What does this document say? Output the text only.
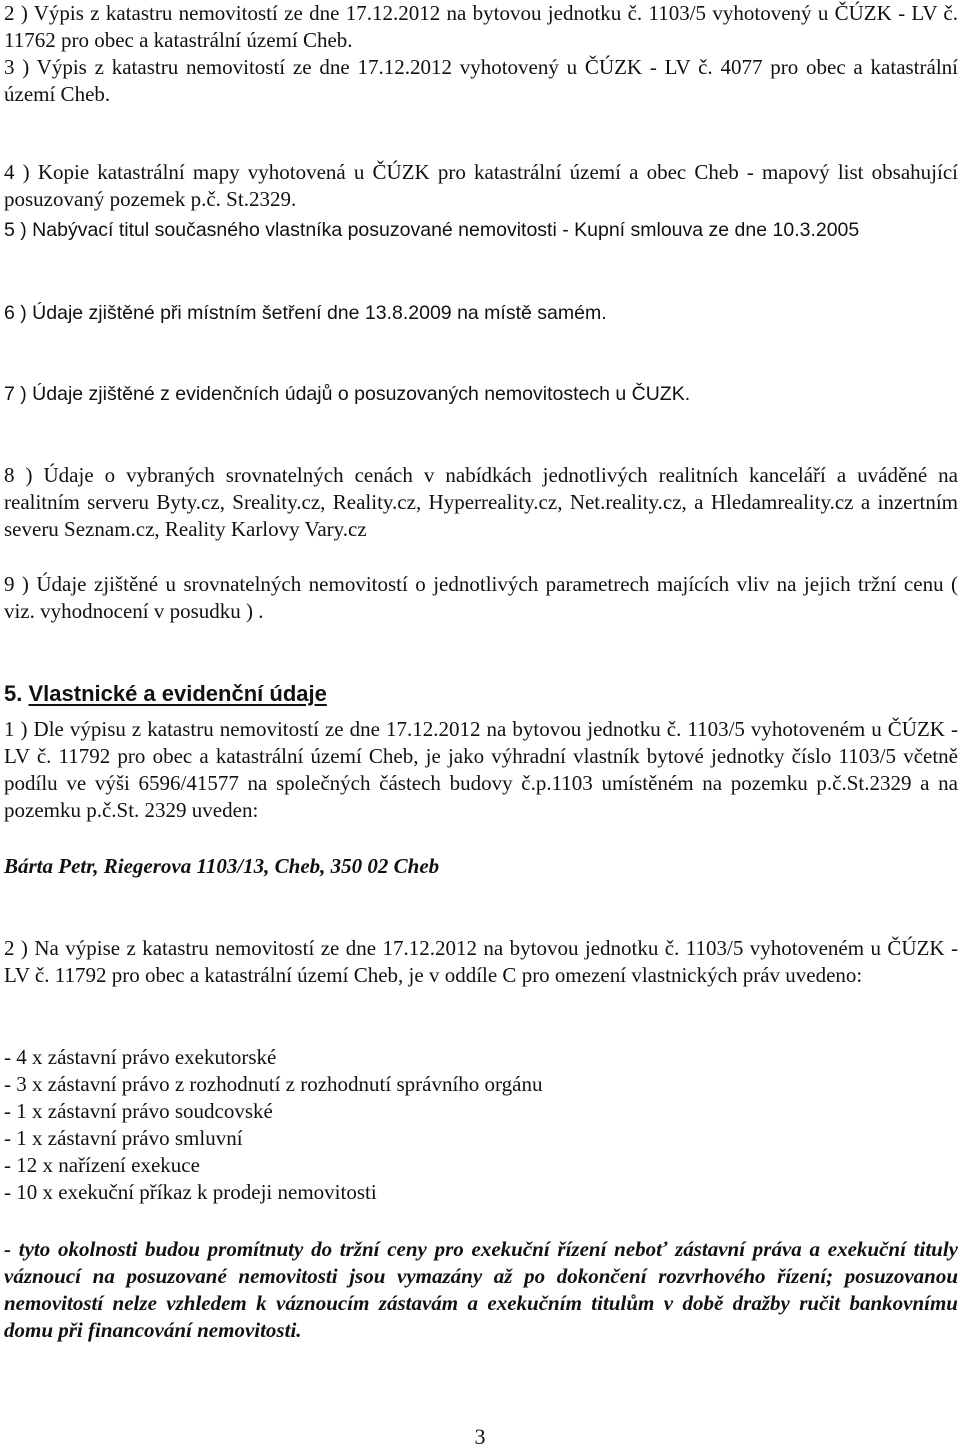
2 ) Výpis z katastru nemovitostí ze dne 17.12.2012 na bytovou jednotku č. 1103/5 vyhotovený u ČÚZK - LV č. 11762 pro obec a katastrální území Cheb.

3 ) Výpis z katastru nemovitostí ze dne 17.12.2012 vyhotovený u ČÚZK - LV č. 4077 pro obec a katastrální území Cheb.

4 ) Kopie katastrální mapy vyhotovená u ČÚZK pro katastrální území a obec Cheb - mapový list obsahující posuzovaný pozemek p.č. St.2329.

5 ) Nabývací titul současného vlastníka posuzované nemovitosti - Kupní smlouva ze dne 10.3.2005

6 ) Údaje zjištěné při místním šetření dne 13.8.2009 na místě samém.

7 ) Údaje zjištěné z evidenčních údajů o posuzovaných nemovitostech u ČUZK.

8 ) Údaje o vybraných srovnatelných cenách v nabídkách jednotlivých realitních kanceláří a uváděné na realitním serveru Byty.cz, Sreality.cz, Reality.cz, Hyperreality.cz, Net.reality.cz, a Hledamreality.cz a inzertním severu Seznam.cz, Reality Karlovy Vary.cz

9 ) Údaje zjištěné u srovnatelných nemovitostí o jednotlivých parametrech majících vliv na jejich tržní cenu ( viz. vyhodnocení v posudku ) .

5. Vlastnické a evidenční údaje

1 ) Dle výpisu z katastru nemovitostí ze dne 17.12.2012 na bytovou jednotku č. 1103/5 vyhotoveném u ČÚZK - LV č. 11792 pro obec a katastrální území Cheb, je jako výhradní vlastník bytové jednotky číslo 1103/5 včetně podílu ve výši 6596/41577 na společných částech budovy č.p.1103 umístěném na pozemku p.č.St.2329 a na pozemku p.č.St. 2329 uveden:

Bárta Petr, Riegerova 1103/13, Cheb, 350 02 Cheb

2 ) Na výpise z katastru nemovitostí ze dne 17.12.2012 na bytovou jednotku č. 1103/5 vyhotoveném u ČÚZK - LV č. 11792 pro obec a katastrální území Cheb, je v oddíle C pro omezení vlastnických práv uvedeno:

- 4 x zástavní právo exekutorské
- 3 x zástavní právo z rozhodnutí z rozhodnutí správního orgánu
- 1 x zástavní právo soudcovské
- 1 x zástavní právo smluvní
- 12 x nařízení exekuce
- 10 x exekuční příkaz k prodeji nemovitosti

- tyto okolnosti budou promítnuty do tržní ceny pro exekuční řízení neboť zástavní práva a exekuční tituly váznoucí na posuzované nemovitosti jsou vymazány až po dokončení rozvrhového řízení; posuzovanou nemovitostí nelze vzhledem k váznoucím zástavám a exekučním titulům v době dražby ručit bankovnímu domu při financování nemovitosti.

3
